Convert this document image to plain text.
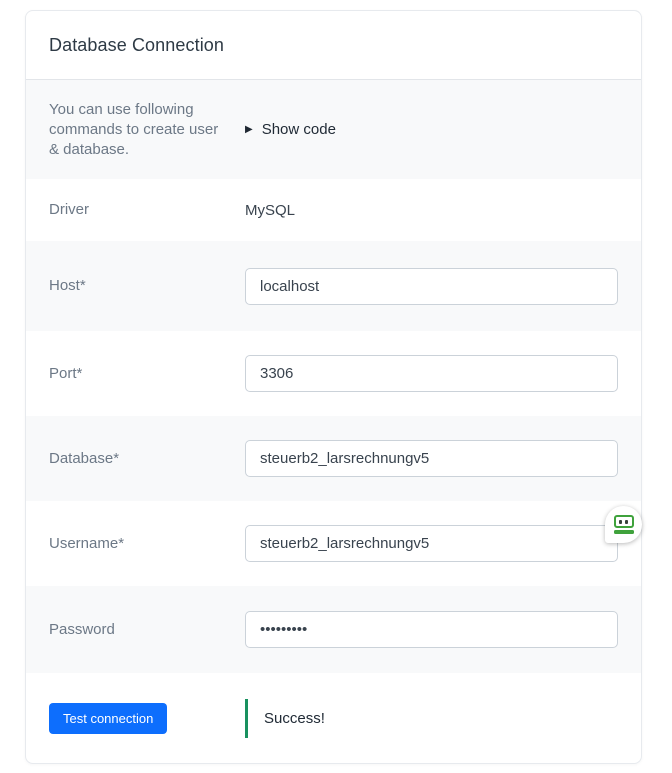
Database Connection
You can use following commands to create user & database.
▶ Show code
Driver	MySQL
Host*
localhost
Port*
3306
Database*
steuerb2_larsrechnungv5
Username*
steuerb2_larsrechnungv5
Password
•••••••••
Test connection	Success!
